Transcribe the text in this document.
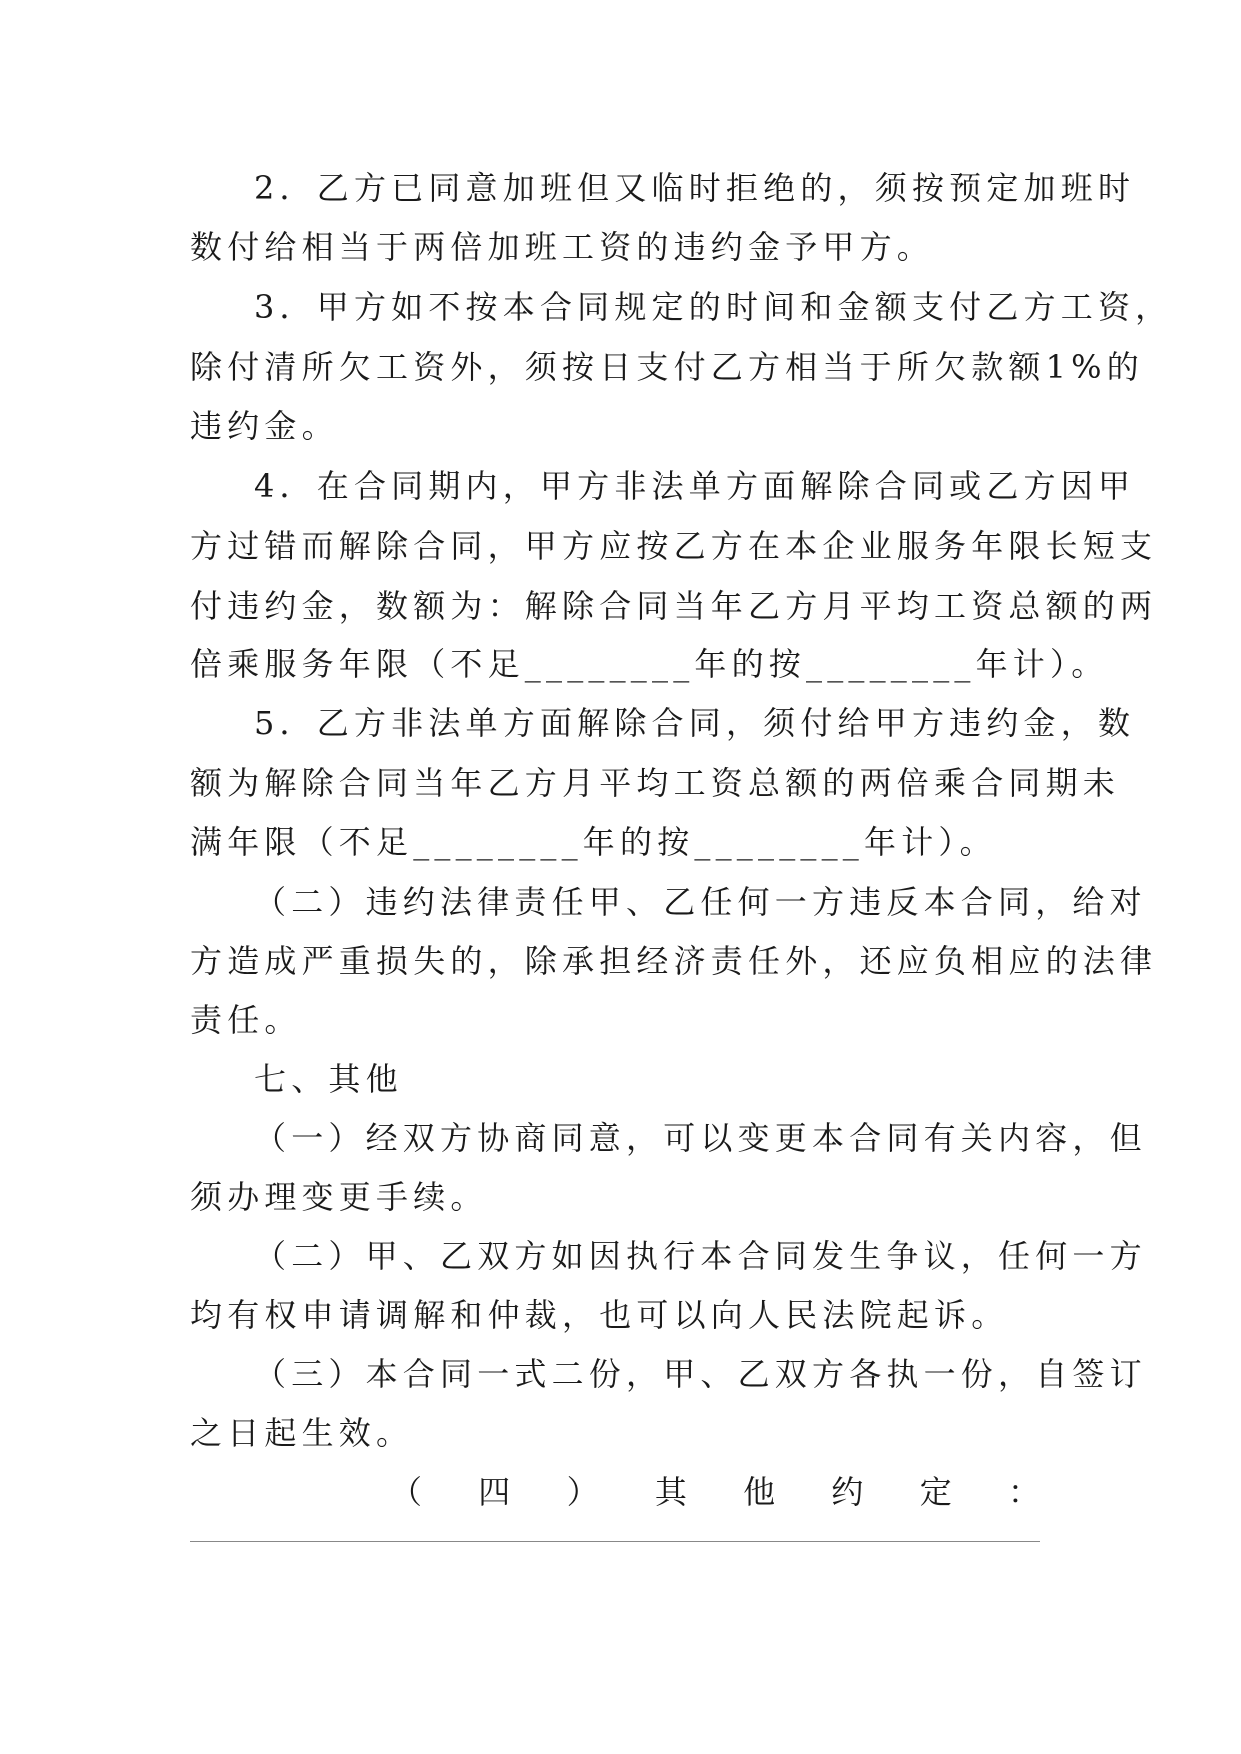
2．乙方已同意加班但又临时拒绝的，须按预定加班时
数付给相当于两倍加班工资的违约金予甲方。
3．甲方如不按本合同规定的时间和金额支付乙方工资，
除付清所欠工资外，须按日支付乙方相当于所欠款额1%的
违约金。
4．在合同期内，甲方非法单方面解除合同或乙方因甲
方过错而解除合同，甲方应按乙方在本企业服务年限长短支
付违约金，数额为：解除合同当年乙方月平均工资总额的两
倍乘服务年限（不足________年的按________年计）。
5．乙方非法单方面解除合同，须付给甲方违约金，数
额为解除合同当年乙方月平均工资总额的两倍乘合同期未
满年限（不足________年的按________年计）。
（二）违约法律责任甲、乙任何一方违反本合同，给对
方造成严重损失的，除承担经济责任外，还应负相应的法律
责任。
七、其他
（一）经双方协商同意，可以变更本合同有关内容，但
须办理变更手续。
（二）甲、乙双方如因执行本合同发生争议，任何一方
均有权申请调解和仲裁，也可以向人民法院起诉。
（三）本合同一式二份，甲、乙双方各执一份，自签订
之日起生效。
（ 四 ） 其 他 约 定 ：
